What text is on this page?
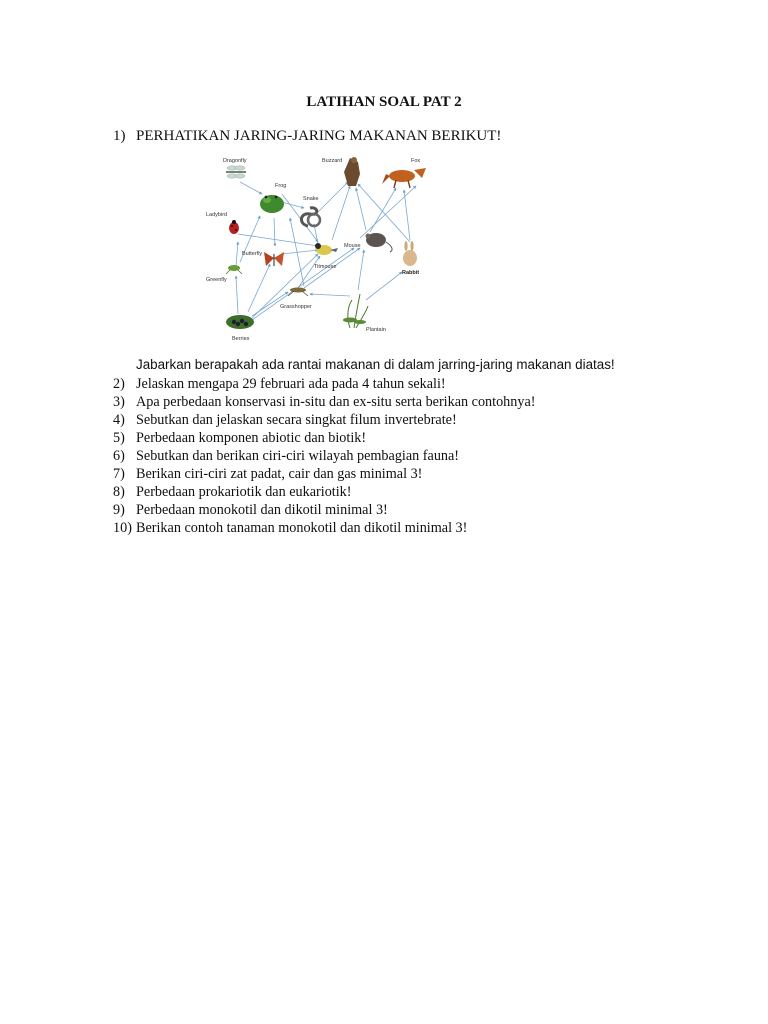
LATIHAN SOAL PAT 2
1) PERHATIKAN JARING-JARING MAKANAN BERIKUT!
Dragonfly
Frog
Buzzard	Fox
Snake
Ladybird
Mouse
Butterfly
Titmouse
Rabbit
Greenfly
Grasshopper
Plantain
Berries
Jabarkan berapakah ada rantai makanan di dalam jarring-jaring makanan diatas!
2) Jelaskan mengapa 29 februari ada pada 4 tahun sekali!
3) Apa perbedaan konservasi in-situ dan ex-situ serta berikan contohnya!
4) Sebutkan dan jelaskan secara singkat filum invertebrate!
5) Perbedaan komponen abiotic dan biotik!
6) Sebutkan dan berikan ciri-ciri wilayah pembagian fauna!
7) Berikan ciri-ciri zat padat, cair dan gas minimal 3!
8) Perbedaan prokariotik dan eukariotik!
9) Perbedaan monokotil dan dikotil minimal 3!
10) Berikan contoh tanaman monokotil dan dikotil minimal 3!
